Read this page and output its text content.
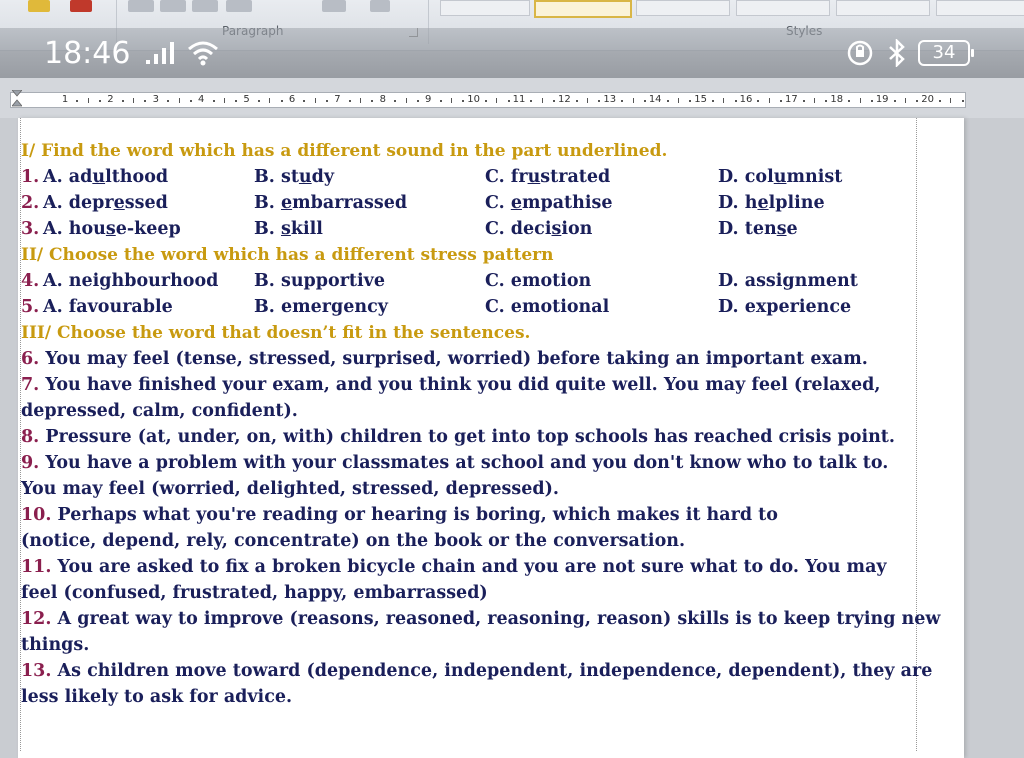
18:46	34
1	2	3	4	5	6	7	8	9	10	11	12	13	14	15	16	17	18	19	20
I/ Find the word which has a different sound in the part underlined.
1. A. adulthood	B. study	C. frustrated	D. columnist
2. A. depressed	B. embarrassed	C. empathise	D. helpline
3. A. house-keep	B. skill	C. decision	D. tense
II/ Choose the word which has a different stress pattern
4. A. neighbourhood B. supportive	C. emotion	D. assignment
5. A. favourable	B. emergency	C. emotional	D. experience
III/ Choose the word that doesn’t fit in the sentences.
6. You may feel (tense, stressed, surprised, worried) before taking an important exam.
7. You have finished your exam, and you think you did quite well. You may feel (relaxed,
depressed, calm, confident).
8. Pressure (at, under, on, with) children to get into top schools has reached crisis point.
9. You have a problem with your classmates at school and you don't know who to talk to.
You may feel (worried, delighted, stressed, depressed).
10. Perhaps what you're reading or hearing is boring, which makes it hard to
(notice, depend, rely, concentrate) on the book or the conversation.
11. You are asked to fix a broken bicycle chain and you are not sure what to do. You may
feel (confused, frustrated, happy, embarrassed)
12. A great way to improve (reasons, reasoned, reasoning, reason) skills is to keep trying new
things.
13. As children move toward (dependence, independent, independence, dependent), they are
less likely to ask for advice.
